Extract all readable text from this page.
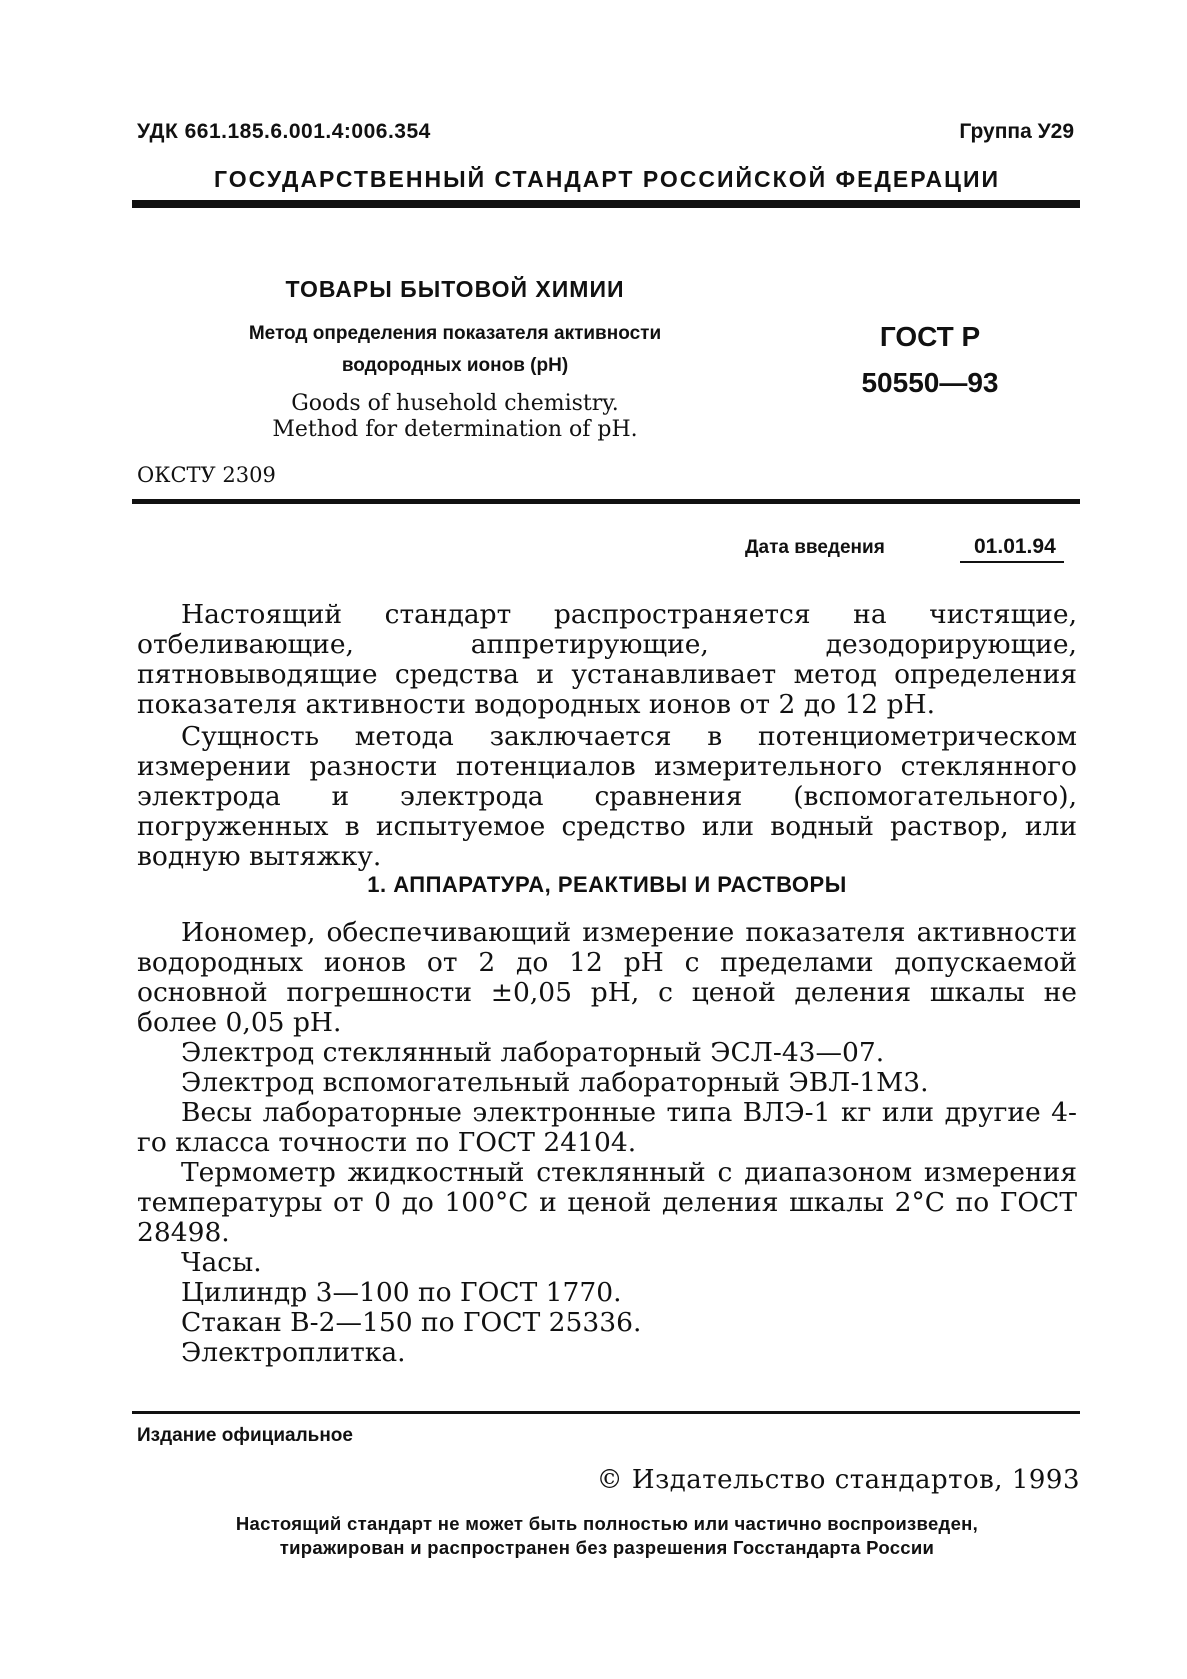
УДК 661.185.6.001.4:006.354	Группа У29
ГОСУДАРСТВЕННЫЙ СТАНДАРТ РОССИЙСКОЙ ФЕДЕРАЦИИ
ТОВАРЫ БЫТОВОЙ ХИМИИ
Метод определения показателя активности
водородных ионов (pH)
Goods of husehold chemistry.
Method for determination of pH.
ГОСТ Р
50550—93
ОКСТУ 2309
Дата введения	01.01.94

Настоящий стандарт распространяется на чистящие, отбеливающие, аппретирующие, дезодорирующие, пятновыводящие средства и устанавливает метод определения показателя активности водородных ионов от 2 до 12 pH.

Сущность метода заключается в потенциометрическом измерении разности потенциалов измерительного стеклянного электрода и электрода сравнения (вспомогательного), погруженных в испытуемое средство или водный раствор, или водную вытяжку.

1. АППАРАТУРА, РЕАКТИВЫ И РАСТВОРЫ

Иономер, обеспечивающий измерение показателя активности водородных ионов от 2 до 12 pH с пределами допускаемой основной погрешности ±0,05 pH, с ценой деления шкалы не более 0,05 pH.

Электрод стеклянный лабораторный ЭСЛ-43—07.

Электрод вспомогательный лабораторный ЭВЛ-1М3.

Весы лабораторные электронные типа ВЛЭ-1 кг или другие 4-го класса точности по ГОСТ 24104.

Термометр жидкостный стеклянный с диапазоном измерения температуры от 0 до 100°С и ценой деления шкалы 2°С по ГОСТ 28498.

Часы.

Цилиндр 3—100 по ГОСТ 1770.

Стакан В-2—150 по ГОСТ 25336.

Электроплитка.

Издание официальное
© Издательство стандартов, 1993
Настоящий стандарт не может быть полностью или частично воспроизведен,
тиражирован и распространен без разрешения Госстандарта России
